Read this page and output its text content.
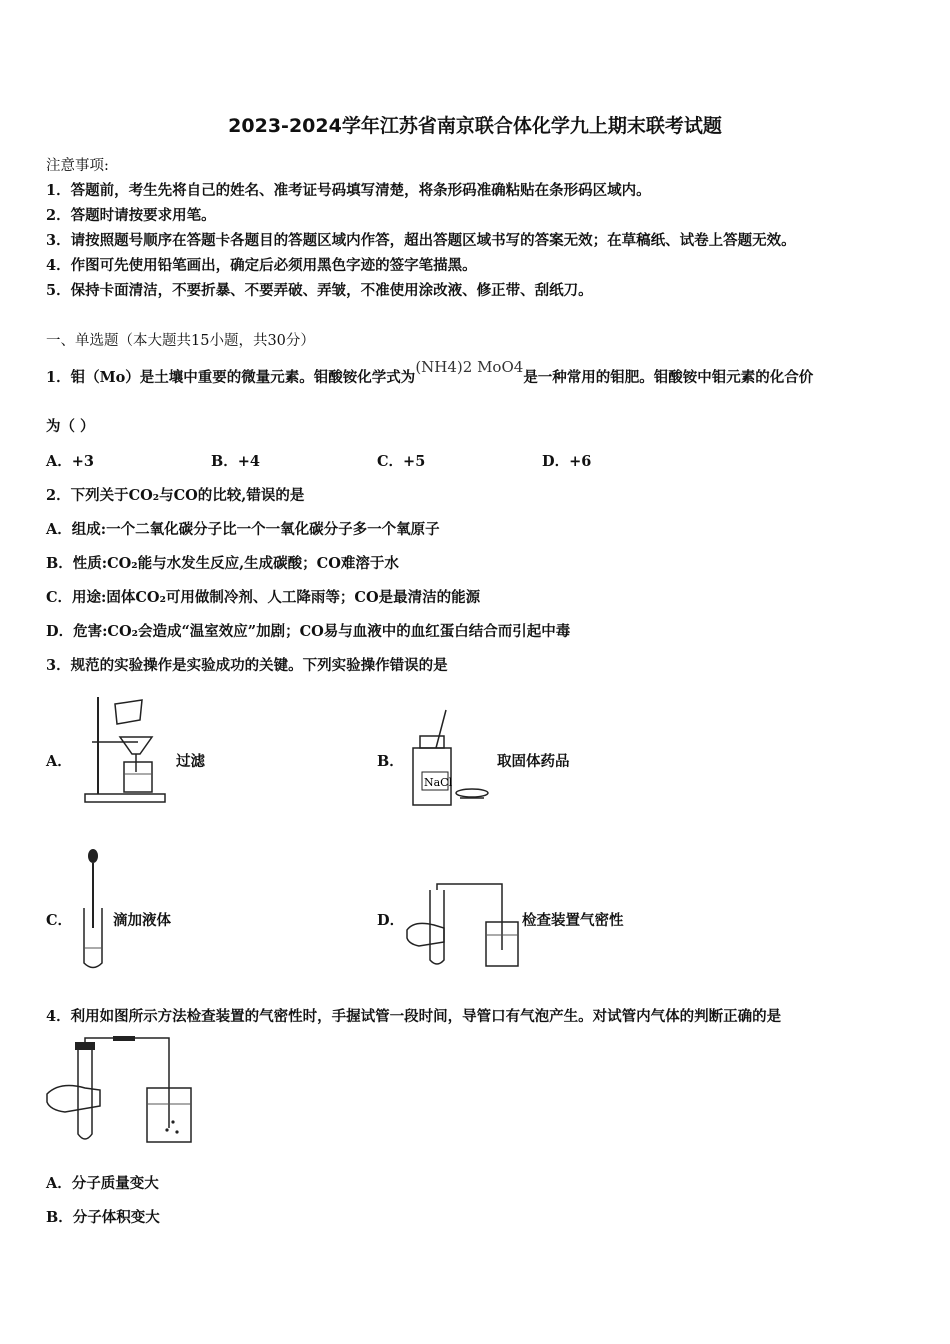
2023-2024学年江苏省南京联合体化学九上期末联考试题
注意事项:
1．答题前，考生先将自己的姓名、准考证号码填写清楚，将条形码准确粘贴在条形码区域内。
2．答题时请按要求用笔。
3．请按照题号顺序在答题卡各题目的答题区域内作答，超出答题区域书写的答案无效；在草稿纸、试卷上答题无效。
4．作图可先使用铅笔画出，确定后必须用黑色字迹的签字笔描黑。
5．保持卡面清洁，不要折暴、不要弄破、弄皱，不准使用涂改液、修正带、刮纸刀。
一、单选题（本大题共15小题，共30分）
1．钼（Mo）是土壤中重要的微量元素。钼酸铵化学式为(NH4)2 MoO4是一种常用的钼肥。钼酸铵中钼元素的化合价
为（ ）
A．+3	B．+4	C．+5	D．+6
2．下列关于CO₂与CO的比较,错误的是
A．组成:一个二氧化碳分子比一个一氧化碳分子多一个氧原子
B．性质:CO₂能与水发生反应,生成碳酸；CO难溶于水
C．用途:固体CO₂可用做制冷剂、人工降雨等；CO是最清洁的能源
D．危害:CO₂会造成“温室效应”加剧；CO易与血液中的血红蛋白结合而引起中毒
3．规范的实验操作是实验成功的关键。下列实验操作错误的是
A．	过滤	B．
NaCl
取固体药品
C．	滴加液体	D．	检查装置气密性
4．利用如图所示方法检查装置的气密性时，手握试管一段时间，导管口有气泡产生。对试管内气体的判断正确的是
A．分子质量变大
B．分子体积变大
